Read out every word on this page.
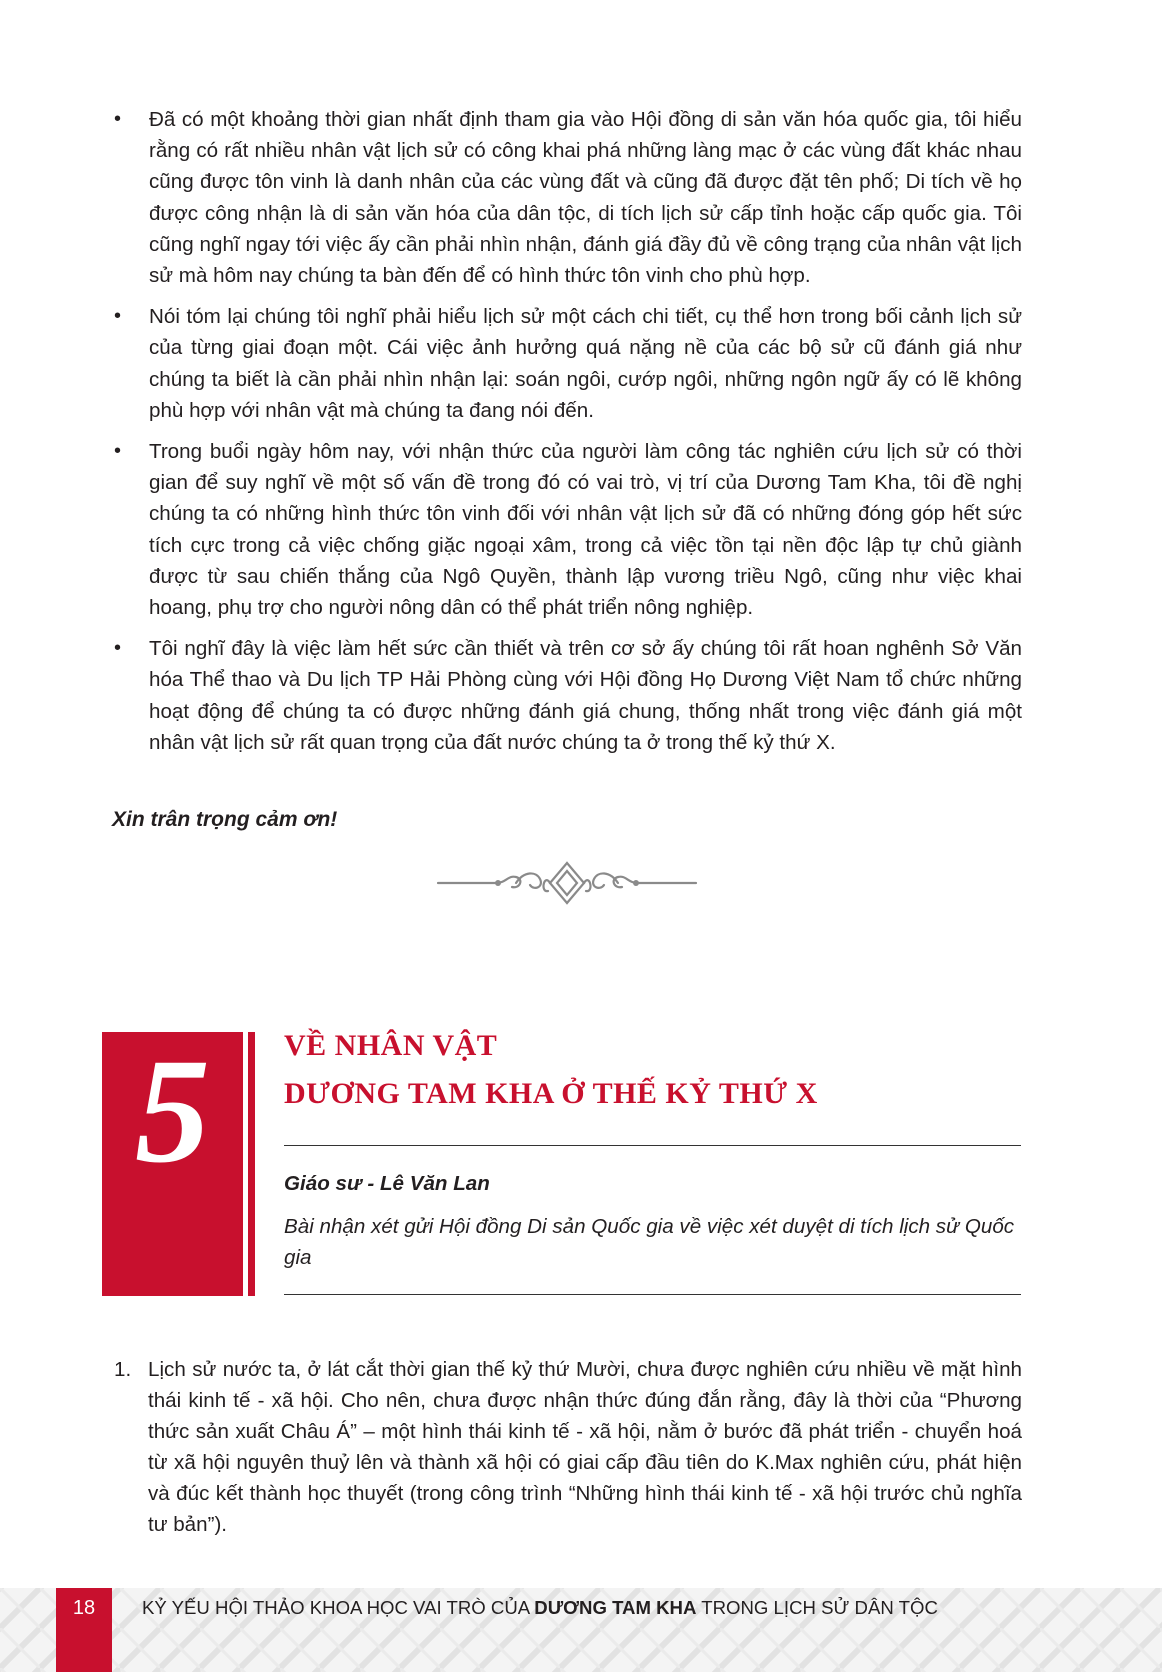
• Đã có một khoảng thời gian nhất định tham gia vào Hội đồng di sản văn hóa quốc gia, tôi hiểu rằng có rất nhiều nhân vật lịch sử có công khai phá những làng mạc ở các vùng đất khác nhau cũng được tôn vinh là danh nhân của các vùng đất và cũng đã được đặt tên phố; Di tích về họ được công nhận là di sản văn hóa của dân tộc, di tích lịch sử cấp tỉnh hoặc cấp quốc gia. Tôi cũng nghĩ ngay tới việc ấy cần phải nhìn nhận, đánh giá đầy đủ về công trạng của nhân vật lịch sử mà hôm nay chúng ta bàn đến để có hình thức tôn vinh cho phù hợp.
• Nói tóm lại chúng tôi nghĩ phải hiểu lịch sử một cách chi tiết, cụ thể hơn trong bối cảnh lịch sử của từng giai đoạn một. Cái việc ảnh hưởng quá nặng nề của các bộ sử cũ đánh giá như chúng ta biết là cần phải nhìn nhận lại: soán ngôi, cướp ngôi, những ngôn ngữ ấy có lẽ không phù hợp với nhân vật mà chúng ta đang nói đến.
• Trong buổi ngày hôm nay, với nhận thức của người làm công tác nghiên cứu lịch sử có thời gian để suy nghĩ về một số vấn đề trong đó có vai trò, vị trí của Dương Tam Kha, tôi đề nghị chúng ta có những hình thức tôn vinh đối với nhân vật lịch sử đã có những đóng góp hết sức tích cực trong cả việc chống giặc ngoại xâm, trong cả việc tồn tại nền độc lập tự chủ giành được từ sau chiến thắng của Ngô Quyền, thành lập vương triều Ngô, cũng như việc khai hoang, phụ trợ cho người nông dân có thể phát triển nông nghiệp.
• Tôi nghĩ đây là việc làm hết sức cần thiết và trên cơ sở ấy chúng tôi rất hoan nghênh Sở Văn hóa Thể thao và Du lịch TP Hải Phòng cùng với Hội đồng Họ Dương Việt Nam tổ chức những hoạt động để chúng ta có được những đánh giá chung, thống nhất trong việc đánh giá một nhân vật lịch sử rất quan trọng của đất nước chúng ta ở trong thế kỷ thứ X.
Xin trân trọng cảm ơn!
5	VỀ NHÂN VẬT
DƯƠNG TAM KHA Ở THẾ KỶ THỨ X
Giáo sư - Lê Văn Lan
Bài nhận xét gửi Hội đồng Di sản Quốc gia về việc xét duyệt di tích lịch sử Quốc gia
1. Lịch sử nước ta, ở lát cắt thời gian thế kỷ thứ Mười, chưa được nghiên cứu nhiều về mặt hình thái kinh tế - xã hội. Cho nên, chưa được nhận thức đúng đắn rằng, đây là thời của “Phương thức sản xuất Châu Á” – một hình thái kinh tế - xã hội, nằm ở bước đã phát triển - chuyển hoá từ xã hội nguyên thuỷ lên và thành xã hội có giai cấp đầu tiên do K.Max nghiên cứu, phát hiện và đúc kết thành học thuyết (trong công trình “Những hình thái kinh tế - xã hội trước chủ nghĩa tư bản”).
18	KỶ YẾU HỘI THẢO KHOA HỌC VAI TRÒ CỦA DƯƠNG TAM KHA TRONG LỊCH SỬ DÂN TỘC
